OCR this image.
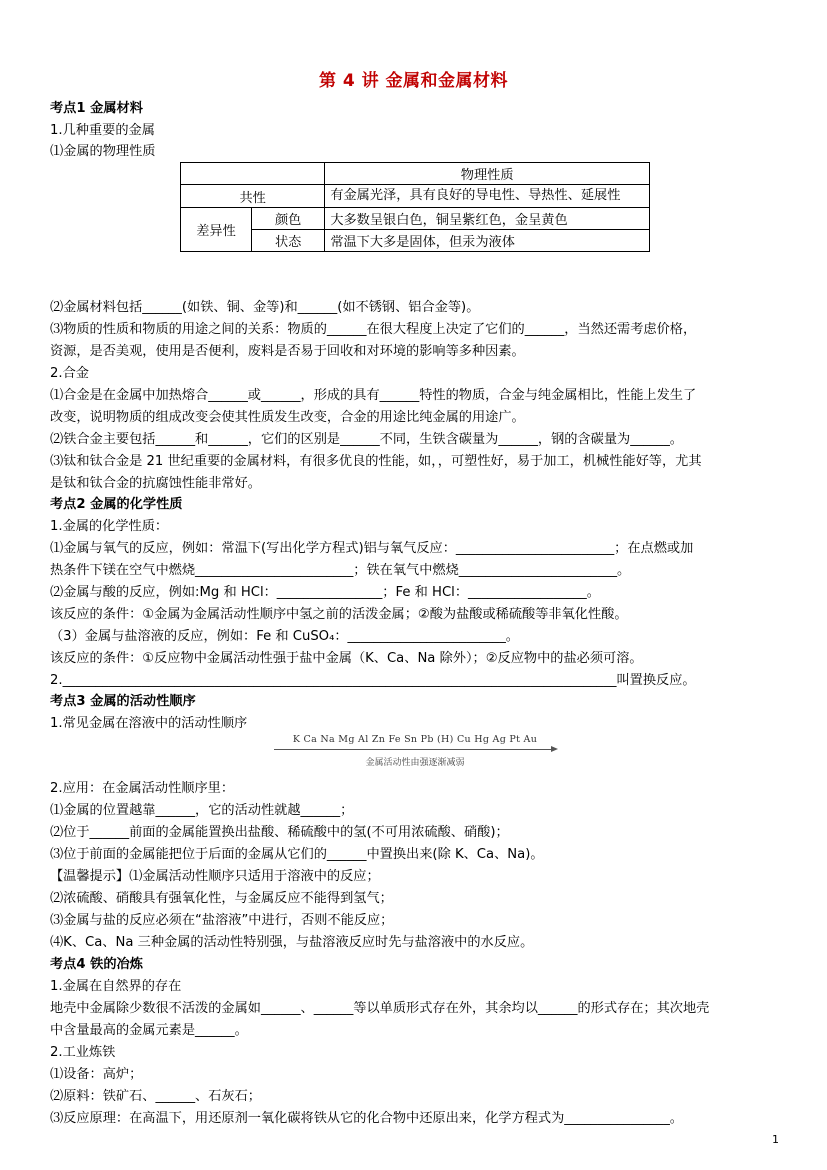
第 4 讲 金属和金属材料
考点1 金属材料
1.几种重要的金属
⑴金属的物理性质
⑵金属材料包括______(如铁、铜、金等)和______(如不锈钢、铝合金等)。
⑶物质的性质和物质的用途之间的关系：物质的______在很大程度上决定了它们的______，当然还需考虑价格，
资源，是否美观，使用是否便利，废料是否易于回收和对环境的影响等多种因素。
2.合金
⑴合金是在金属中加热熔合______或______，形成的具有______特性的物质，合金与纯金属相比，性能上发生了
改变，说明物质的组成改变会使其性质发生改变，合金的用途比纯金属的用途广。
⑵铁合金主要包括______和______，它们的区别是______不同，生铁含碳量为______，钢的含碳量为______。
⑶钛和钛合金是 21 世纪重要的金属材料，有很多优良的性能，如，，可塑性好，易于加工，机械性能好等，尤其
是钛和钛合金的抗腐蚀性能非常好。
考点2 金属的化学性质
1.金属的化学性质：
⑴金属与氧气的反应，例如：常温下(写出化学方程式)铝与氧气反应：________________________；在点燃或加
热条件下镁在空气中燃烧________________________；铁在氧气中燃烧________________________。
⑵金属与酸的反应，例如:Mg 和 HCl：________________；Fe 和 HCl：__________________。
该反应的条件：①金属为金属活动性顺序中氢之前的活泼金属；②酸为盐酸或稀硫酸等非氧化性酸。
（3）金属与盐溶液的反应，例如：Fe 和 CuSO₄：________________________。
该反应的条件：①反应物中金属活动性强于盐中金属（K、Ca、Na 除外）；②反应物中的盐必须可溶。
2.____________________________________________________________________________________叫置换反应。
考点3 金属的活动性顺序
1.常见金属在溶液中的活动性顺序
2.应用：在金属活动性顺序里：
⑴金属的位置越靠______，它的活动性就越______；
⑵位于______前面的金属能置换出盐酸、稀硫酸中的氢(不可用浓硫酸、硝酸)；
⑶位于前面的金属能把位于后面的金属从它们的______中置换出来(除 K、Ca、Na)。
【温馨提示】⑴金属活动性顺序只适用于溶液中的反应；
⑵浓硫酸、硝酸具有强氧化性，与金属反应不能得到氢气；
⑶金属与盐的反应必须在“盐溶液”中进行，否则不能反应；
⑷K、Ca、Na 三种金属的活动性特别强，与盐溶液反应时先与盐溶液中的水反应。
考点4 铁的冶炼
1.金属在自然界的存在
地壳中金属除少数很不活泼的金属如______、______等以单质形式存在外，其余均以______的形式存在；其次地壳
中含量最高的金属元素是______。
2.工业炼铁
⑴设备：高炉；
⑵原料：铁矿石、______、石灰石；
⑶反应原理：在高温下，用还原剂一氧化碳将铁从它的化合物中还原出来，化学方程式为________________。
		物理性质
共性		有金属光泽，具有良好的导电性、导热性、延展性
差异性	颜色	大多数呈银白色，铜呈紫红色，金呈黄色
	状态	常温下大多是固体，但汞为液体
K Ca Na Mg Al Zn Fe Sn Pb (H) Cu Hg Ag Pt Au
金属活动性由强逐渐减弱
1
